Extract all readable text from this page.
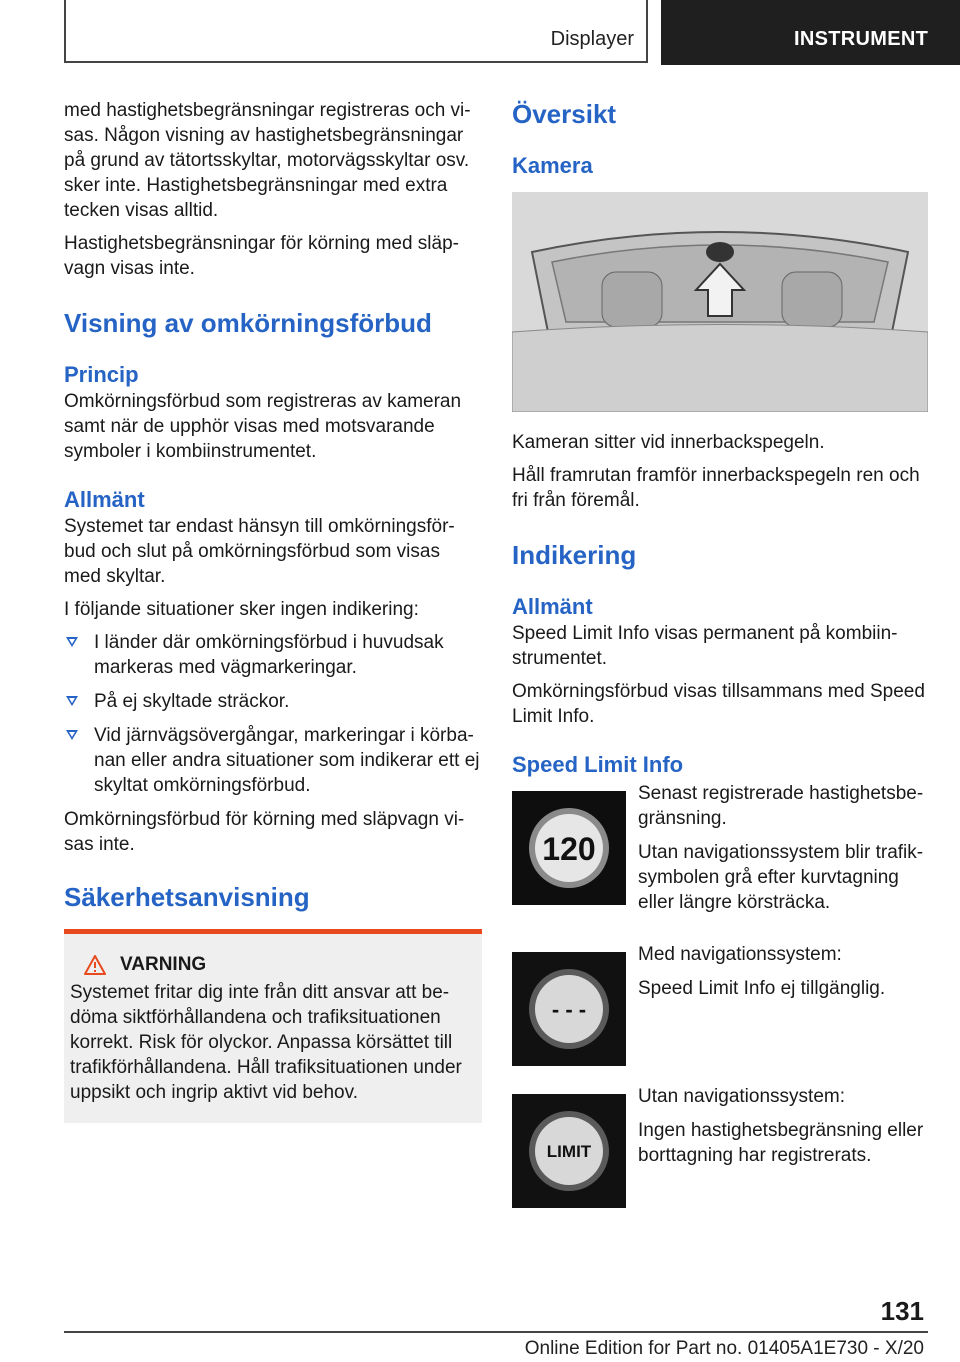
Displayer	INSTRUMENT

med hastighetsbegränsningar registreras och vi-sas. Någon visning av hastighetsbegränsningar på grund av tätortsskyltar, motorvägsskyltar osv. sker inte. Hastighetsbegränsningar med extra tecken visas alltid.

Hastighetsbegränsningar för körning med släp-vagn visas inte.

Visning av omkörningsförbud
Princip

Omkörningsförbud som registreras av kameran samt när de upphör visas med motsvarande symboler i kombiinstrumentet.

Allmänt

Systemet tar endast hänsyn till omkörningsför-bud och slut på omkörningsförbud som visas med skyltar.

I följande situationer sker ingen indikering:

I länder där omkörningsförbud i huvudsak markeras med vägmarkeringar.
På ej skyltade sträckor.
Vid järnvägsövergångar, markeringar i körba-nan eller andra situationer som indikerar ett ej skyltat omkörningsförbud.

Omkörningsförbud för körning med släpvagn vi-sas inte.

Säkerhetsanvisning
VARNING

Systemet fritar dig inte från ditt ansvar att be-döma siktförhållandena och trafiksituationen korrekt. Risk för olyckor. Anpassa körsättet till trafikförhållandena. Håll trafiksituationen under uppsikt och ingrip aktivt vid behov.

Översikt
Kamera

Kameran sitter vid innerbackspegeln.

Håll framrutan framför innerbackspegeln ren och fri från föremål.

Indikering
Allmänt

Speed Limit Info visas permanent på kombiin-strumentet.

Omkörningsförbud visas tillsammans med Speed Limit Info.

Speed Limit Info
120

Senast registrerade hastighetsbe-gränsning.

Utan navigationssystem blir trafik-symbolen grå efter kurvtagning eller längre körsträcka.

- - -

Med navigationssystem:

Speed Limit Info ej tillgänglig.

LIMIT

Utan navigationssystem:

Ingen hastighetsbegränsning eller borttagning har registrerats.

131
Online Edition for Part no. 01405A1E730 - X/20
